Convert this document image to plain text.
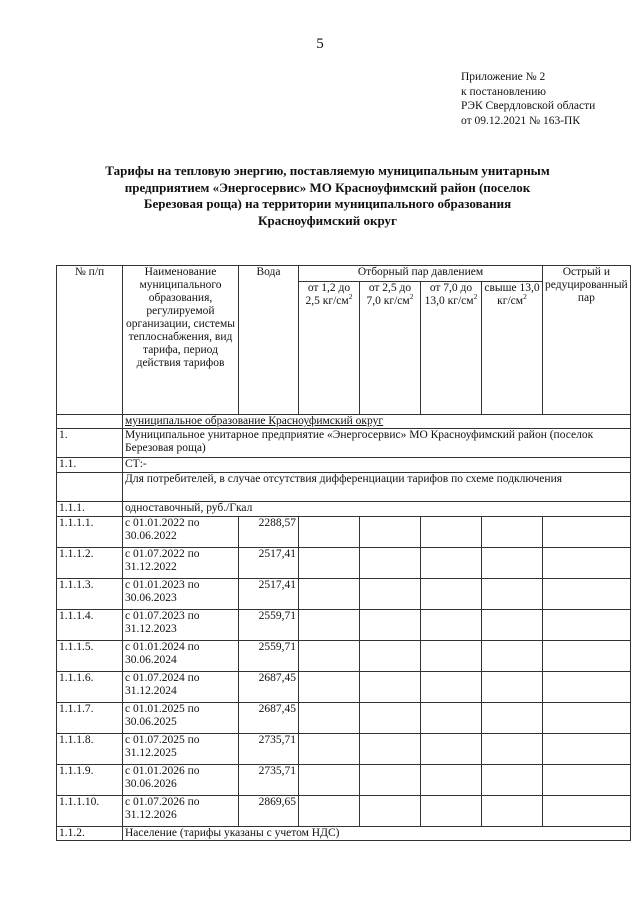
5
Приложение № 2
к постановлению
РЭК Свердловской области
от 09.12.2021 № 163-ПК
Тарифы на тепловую энергию, поставляемую муниципальным унитарным
предприятием «Энергосервис» МО Красноуфимский район (поселок
Березовая роща) на территории муниципального образования
Красноуфимский округ
№ п/п	Наименование муниципального образования, регулируемой организации, системы теплоснабжения, вид тарифа, период действия тарифов	Вода	Отборный пар давлением				Острый и редуцированный пар
			от 1,2 до 2,5 $кг/см^2$	от 2,5 до 7,0 $кг/см^2$	от 7,0 до 13,0 $кг/см^2$	свыше 13,0 $кг/см^2$
	муниципальное образование Красноуфимский округ						
1.	Муниципальное унитарное предприятие «Энергосервис» МО Красноуфимский район (поселок Березовая роща)						
1.1.	СТ:-						
	Для потребителей, в случае отсутствия дифференциации тарифов по схеме подключения						
1.1.1.	одноставочный, руб./Гкал						
1.1.1.1.	с 01.01.2022 по 30.06.2022	2288,57					
1.1.1.2.	с 01.07.2022 по 31.12.2022	2517,41					
1.1.1.3.	с 01.01.2023 по 30.06.2023	2517,41					
1.1.1.4.	с 01.07.2023 по 31.12.2023	2559,71					
1.1.1.5.	с 01.01.2024 по 30.06.2024	2559,71					
1.1.1.6.	с 01.07.2024 по 31.12.2024	2687,45					
1.1.1.7.	с 01.01.2025 по 30.06.2025	2687,45					
1.1.1.8.	с 01.07.2025 по 31.12.2025	2735,71					
1.1.1.9.	с 01.01.2026 по 30.06.2026	2735,71					
1.1.1.10.	с 01.07.2026 по 31.12.2026	2869,65					
1.1.2.	Население (тарифы указаны с учетом НДС)						
